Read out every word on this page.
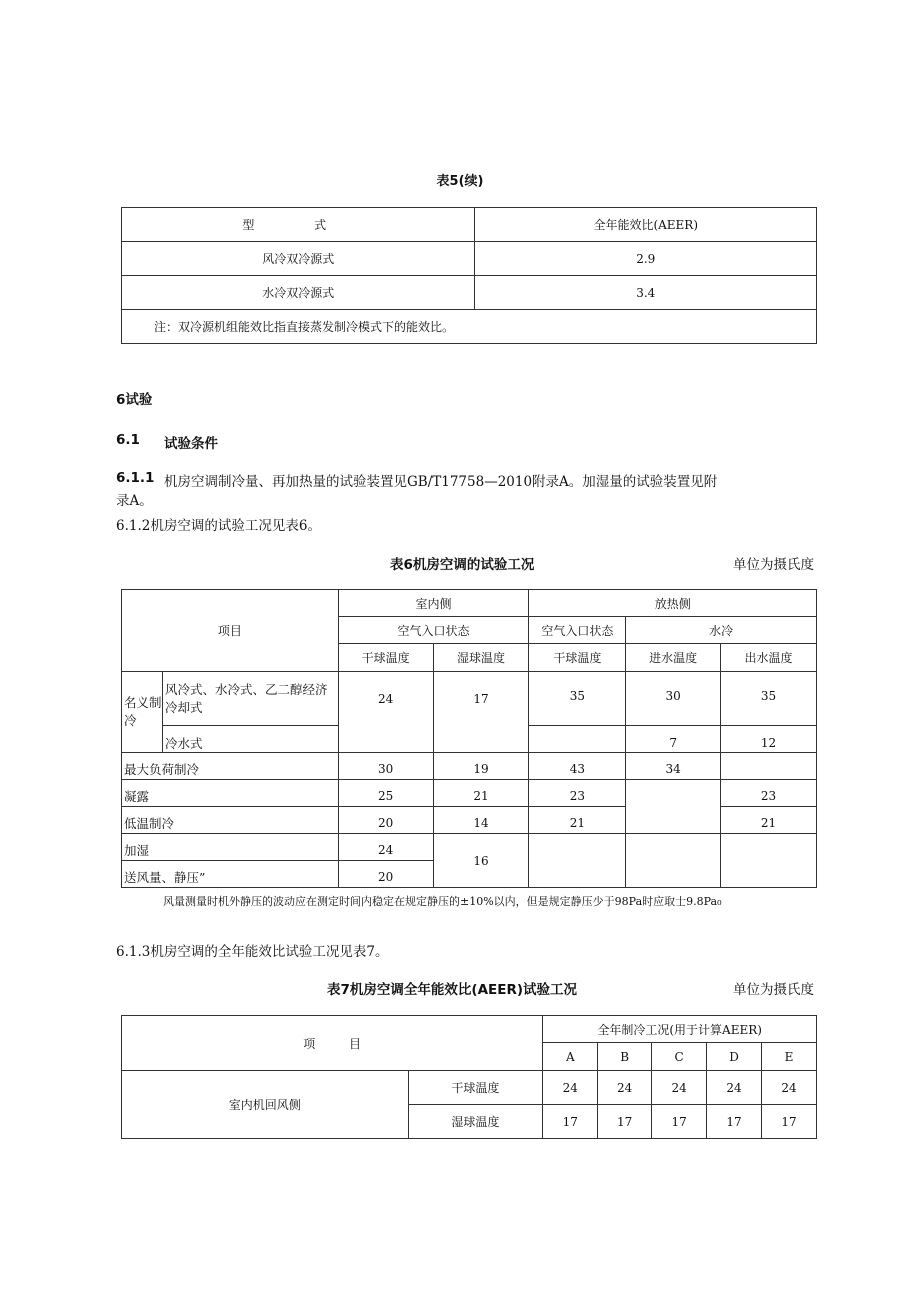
表5(续)
型 式	全年能效比(AEER)
风冷双冷源式	2.9
水冷双冷源式	3.4
注：双冷源机组能效比指直接蒸发制冷模式下的能效比。	
6试验
6.1 试验条件
6.1.1 机房空调制冷量、再加热量的试验装置见GB/T17758—2010附录A。加湿量的试验装置见附
录A。
6.1.2机房空调的试验工况见表6。
表6机房空调的试验工况	单位为摄氏度
项目		室内侧		放热侧		
		空气入口状态		空气入口状态	水冷	
		干球温度	湿球温度	干球温度	进水温度	出水温度
名义制冷	风冷式、水冷式、乙二醇经济冷却式	24	17	35	30	35
	冷水式				7	12
最大负荷制冷		30	19	43	34	
凝露		25	21	23		23
低温制冷		20	14	21		21
加湿		24	16			
送风量、静压”		20				
风量测量时机外静压的波动应在测定时间内稳定在规定静压的±10%以内，但是规定静压少于98Pa时应取士9.8Pa₀
6.1.3机房空调的全年能效比试验工况见表7。
表7机房空调全年能效比(AEER)试验工况	单位为摄氏度
项 目		全年制冷工况(用于计算AEER)				
		A	B	C	D	E
室内机回风侧	干球温度	24	24	24	24	24
	湿球温度	17	17	17	17	17
